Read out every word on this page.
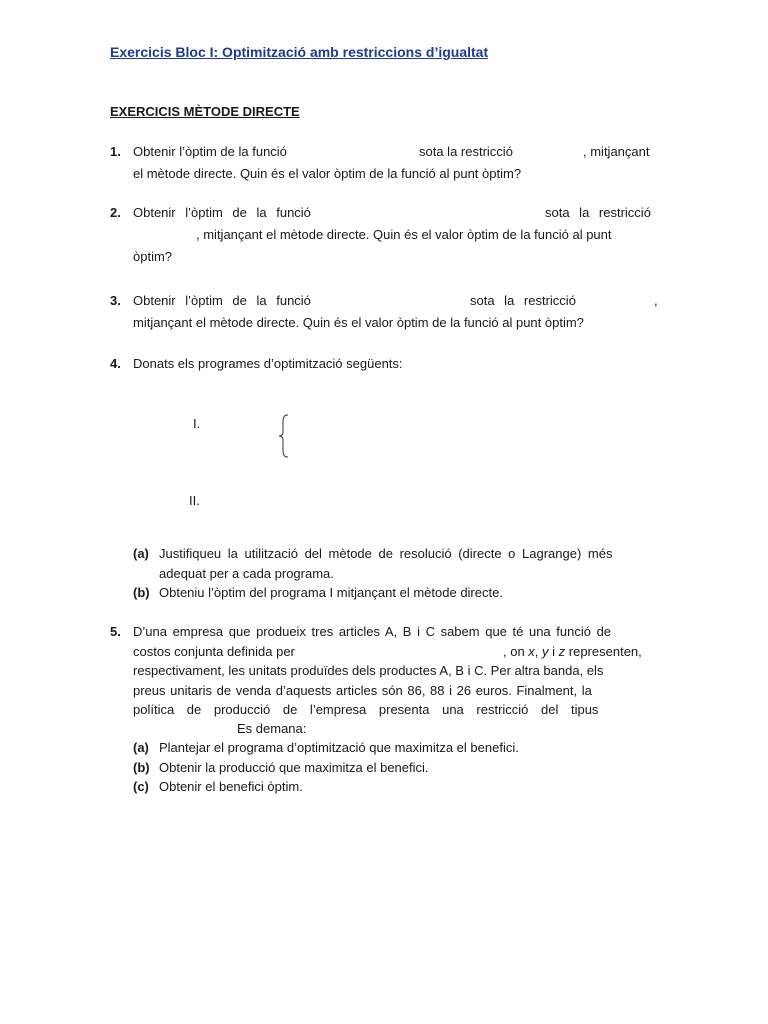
Exercicis Bloc I: Optimització amb restriccions d’igualtat
EXERCICIS MÈTODE DIRECTE
1. Obtenir l’òptim de la funció	sota la restricció	, mitjançant
el mètode directe. Quin és el valor òptim de la funció al punt òptim?
2. Obtenir l’òptim de la funció	sota la restricció
, mitjançant el mètode directe. Quin és el valor òptim de la funció al punt
òptim?
3. Obtenir l’òptim de la funció	sota la restricció	,
mitjançant el mètode directe. Quin és el valor òptim de la funció al punt òptim?
4. Donats els programes d’optimització següents:
I.
II.
(a) Justifiqueu la utilització del mètode de resolució (directe o Lagrange) més
adequat per a cada programa.
(b) Obteniu l’òptim del programa I mitjançant el mètode directe.
5. D’una empresa que produeix tres articles A, B i C sabem que té una funció de
costos conjunta definida per	, on x, y i z representen,
respectivament, les unitats produïdes dels productes A, B i C. Per altra banda, els
preus unitaris de venda d’aquests articles són 86, 88 i 26 euros. Finalment, la
política de producció de l’empresa presenta una restricció del tipus
Es demana:
(a) Plantejar el programa d’optimització que maximitza el benefici.
(b) Obtenir la producció que maximitza el benefici.
(c) Obtenir el benefici òptim.
